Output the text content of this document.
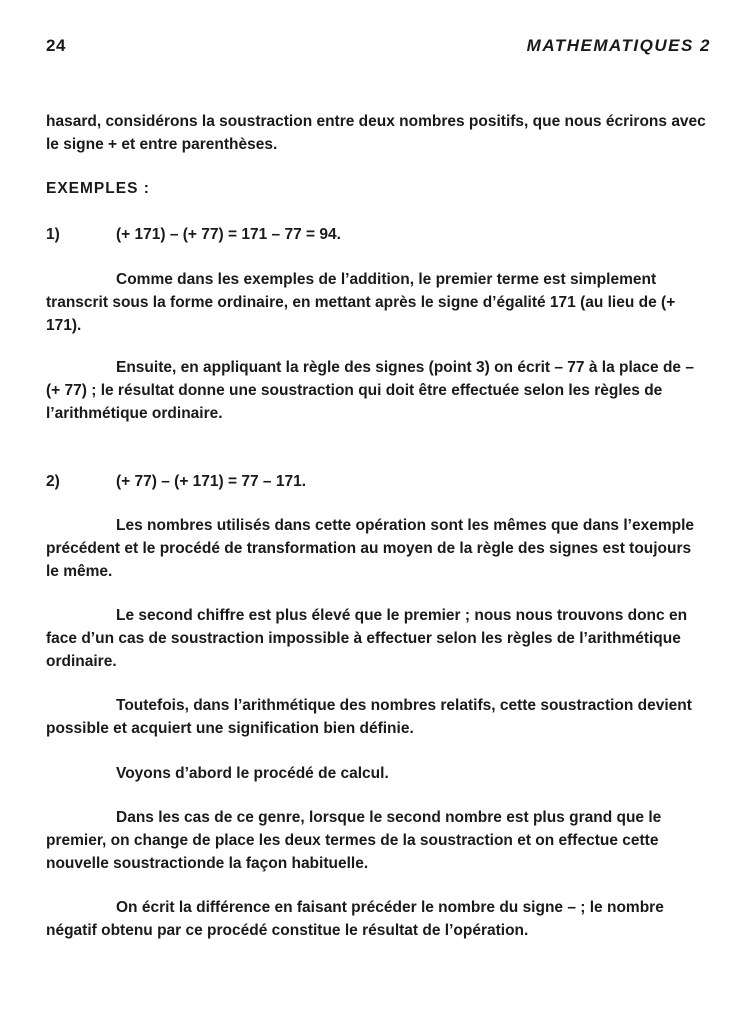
24	MATHEMATIQUES 2
hasard, considérons la soustraction entre deux nombres positifs, que nous écrirons avec le signe + et entre parenthèses.
EXEMPLES :
1)	(+ 171) – (+ 77) = 171 – 77 = 94.
Comme dans les exemples de l’addition, le premier terme est simplement transcrit sous la forme ordinaire, en mettant après le signe d’égalité 171 (au lieu de (+ 171).
Ensuite, en appliquant la règle des signes (point 3) on écrit – 77 à la place de – (+ 77) ; le résultat donne une soustraction qui doit être effectuée selon les règles de l’arithmétique ordinaire.
2)	(+ 77) – (+ 171) = 77 – 171.
Les nombres utilisés dans cette opération sont les mêmes que dans l’exemple précédent et le procédé de transformation au moyen de la règle des signes est toujours le même.
Le second chiffre est plus élevé que le premier ; nous nous trouvons donc en face d’un cas de soustraction impossible à effectuer selon les règles de l’arithmétique ordinaire.
Toutefois, dans l’arithmétique des nombres relatifs, cette soustraction devient possible et acquiert une signification bien définie.
Voyons d’abord le procédé de calcul.
Dans les cas de ce genre, lorsque le second nombre est plus grand que le premier, on change de place les deux termes de la soustraction et on effectue cette nouvelle soustractionde la façon habituelle.
On écrit la différence en faisant précéder le nombre du signe – ; le nombre négatif obtenu par ce procédé constitue le résultat de l’opération.
